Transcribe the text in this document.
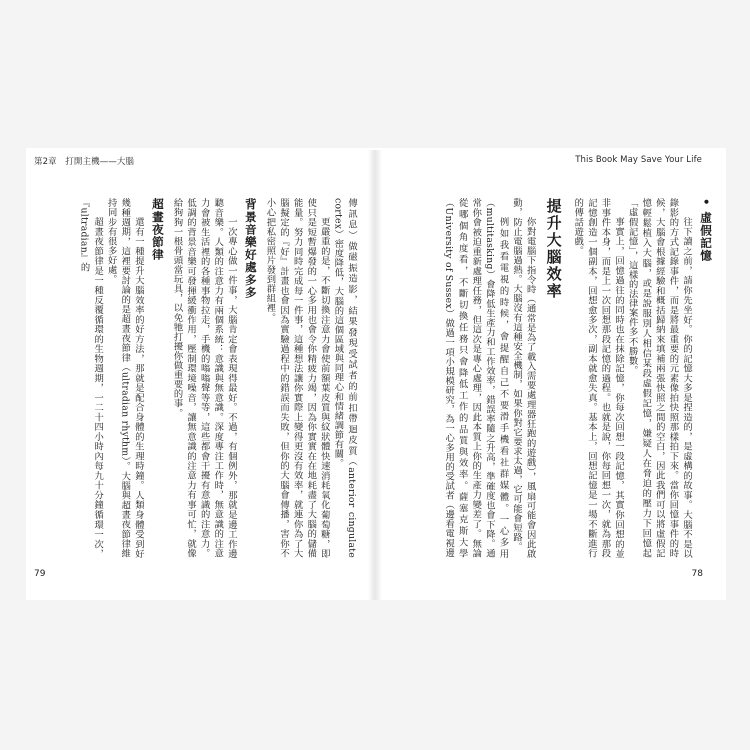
第2章　打開主機——大腦	This Book May Save Your Life
• 虛假記憶

往下讀之前，請你先坐好。你的記憶大多是捏造的，是虛構的故事。大腦不是以錄影的方式記錄事件，而是將最重要的元素像拍快照那樣拍下來。當你回憶事件的時候，大腦會根據經驗和概括歸納來填補兩張快照之間的空白，因此我們可以將虛假記憶輕鬆植入大腦，或是說服別人相信某段虛假記憶，嫌疑人在脅迫的壓力下回憶起「虛假記憶」，這樣的法律案件多不勝數。

事實上，回憶過往的同時也在抹除記憶，你每次回想一段記憶，其實你回想的並非事件本身，而是上一次回想那段記憶的過程。也就是說，你每回想一次，就為那段記憶創造一個副本，回想愈多次，副本就愈失真。基本上，回想記憶是一場不斷進行的傳話遊戲。

提升大腦效率

你對電腦下指令時（通常是為了載入需要處理器狂跑的遊戲），風扇可能會因此啟動，防止電腦過熱。大腦沒有這種安全機制，如果你對它要求太過，它可能會短路。

例如我看電視的時候，會提醒自己不要滑手機看社群媒體。一心多用（multitasking）會降低生產力和工作效率，錯誤率隨之升高，準確度也會下降。通常你會被迫重新處理任務，但這次是專心處理，因此本質上你的生產力變差了。無論從哪個角度看，不斷切換任務只會降低工作的品質與效率。薩塞克斯大學（University of Sussex）做過一項小規模研究，為一心多用的受試者（邊看電視邊

傳訊息）做磁振造影，結果發現受試者的前扣帶迴皮質（anterior cingulate cortex）密度降低，大腦的這個區域與同理心和情緒調節有關。

更嚴重的是，不斷切換注意力會使前額葉皮質與紋狀體快速消耗氧化葡萄糖，即使只是短暫爆發的一心多用也會令你精疲力竭，因為你實實在在地耗盡了大腦的儲備能量。努力同時完成每一件事，這種想法讓你實際上變得更沒有效率，就連你為了大腦擬定的『好』計畫也會因為實驗過程中的錯誤而失敗，但你的大腦會傳播，害你不小心把私密照片發到群組裡。

背景音樂好處多多

一次專心做一件事，大腦肯定會表現得最好。不過，有個例外，那就是邊工作邊聽音樂。人類的注意力有兩個系統：意識與無意識。深度專注工作時，無意識的注意力會被生活裡的各種事物拉走，手機的嗡嗡聲等等，這些都會干擾有意識的注意力。低調的背景音樂可發揮緩衝作用，壓制環境噪音，讓無意識的注意力有事可忙，就像給狗狗一根骨頭當玩具，以免牠打擾你做重要的事。

超晝夜節律

還有一種提升大腦效率的好方法，那就是配合身體的生理時鐘。人類身體受到好幾種週期，這裡要討論的是超晝夜節律（ultradian rhythm）。大腦與超晝夜節律維持同步有很多好處。

超晝夜節律是一種反覆循環的生物週期，一二十四小時內每九十分鐘循環一次，『ultradian』的

79	78
